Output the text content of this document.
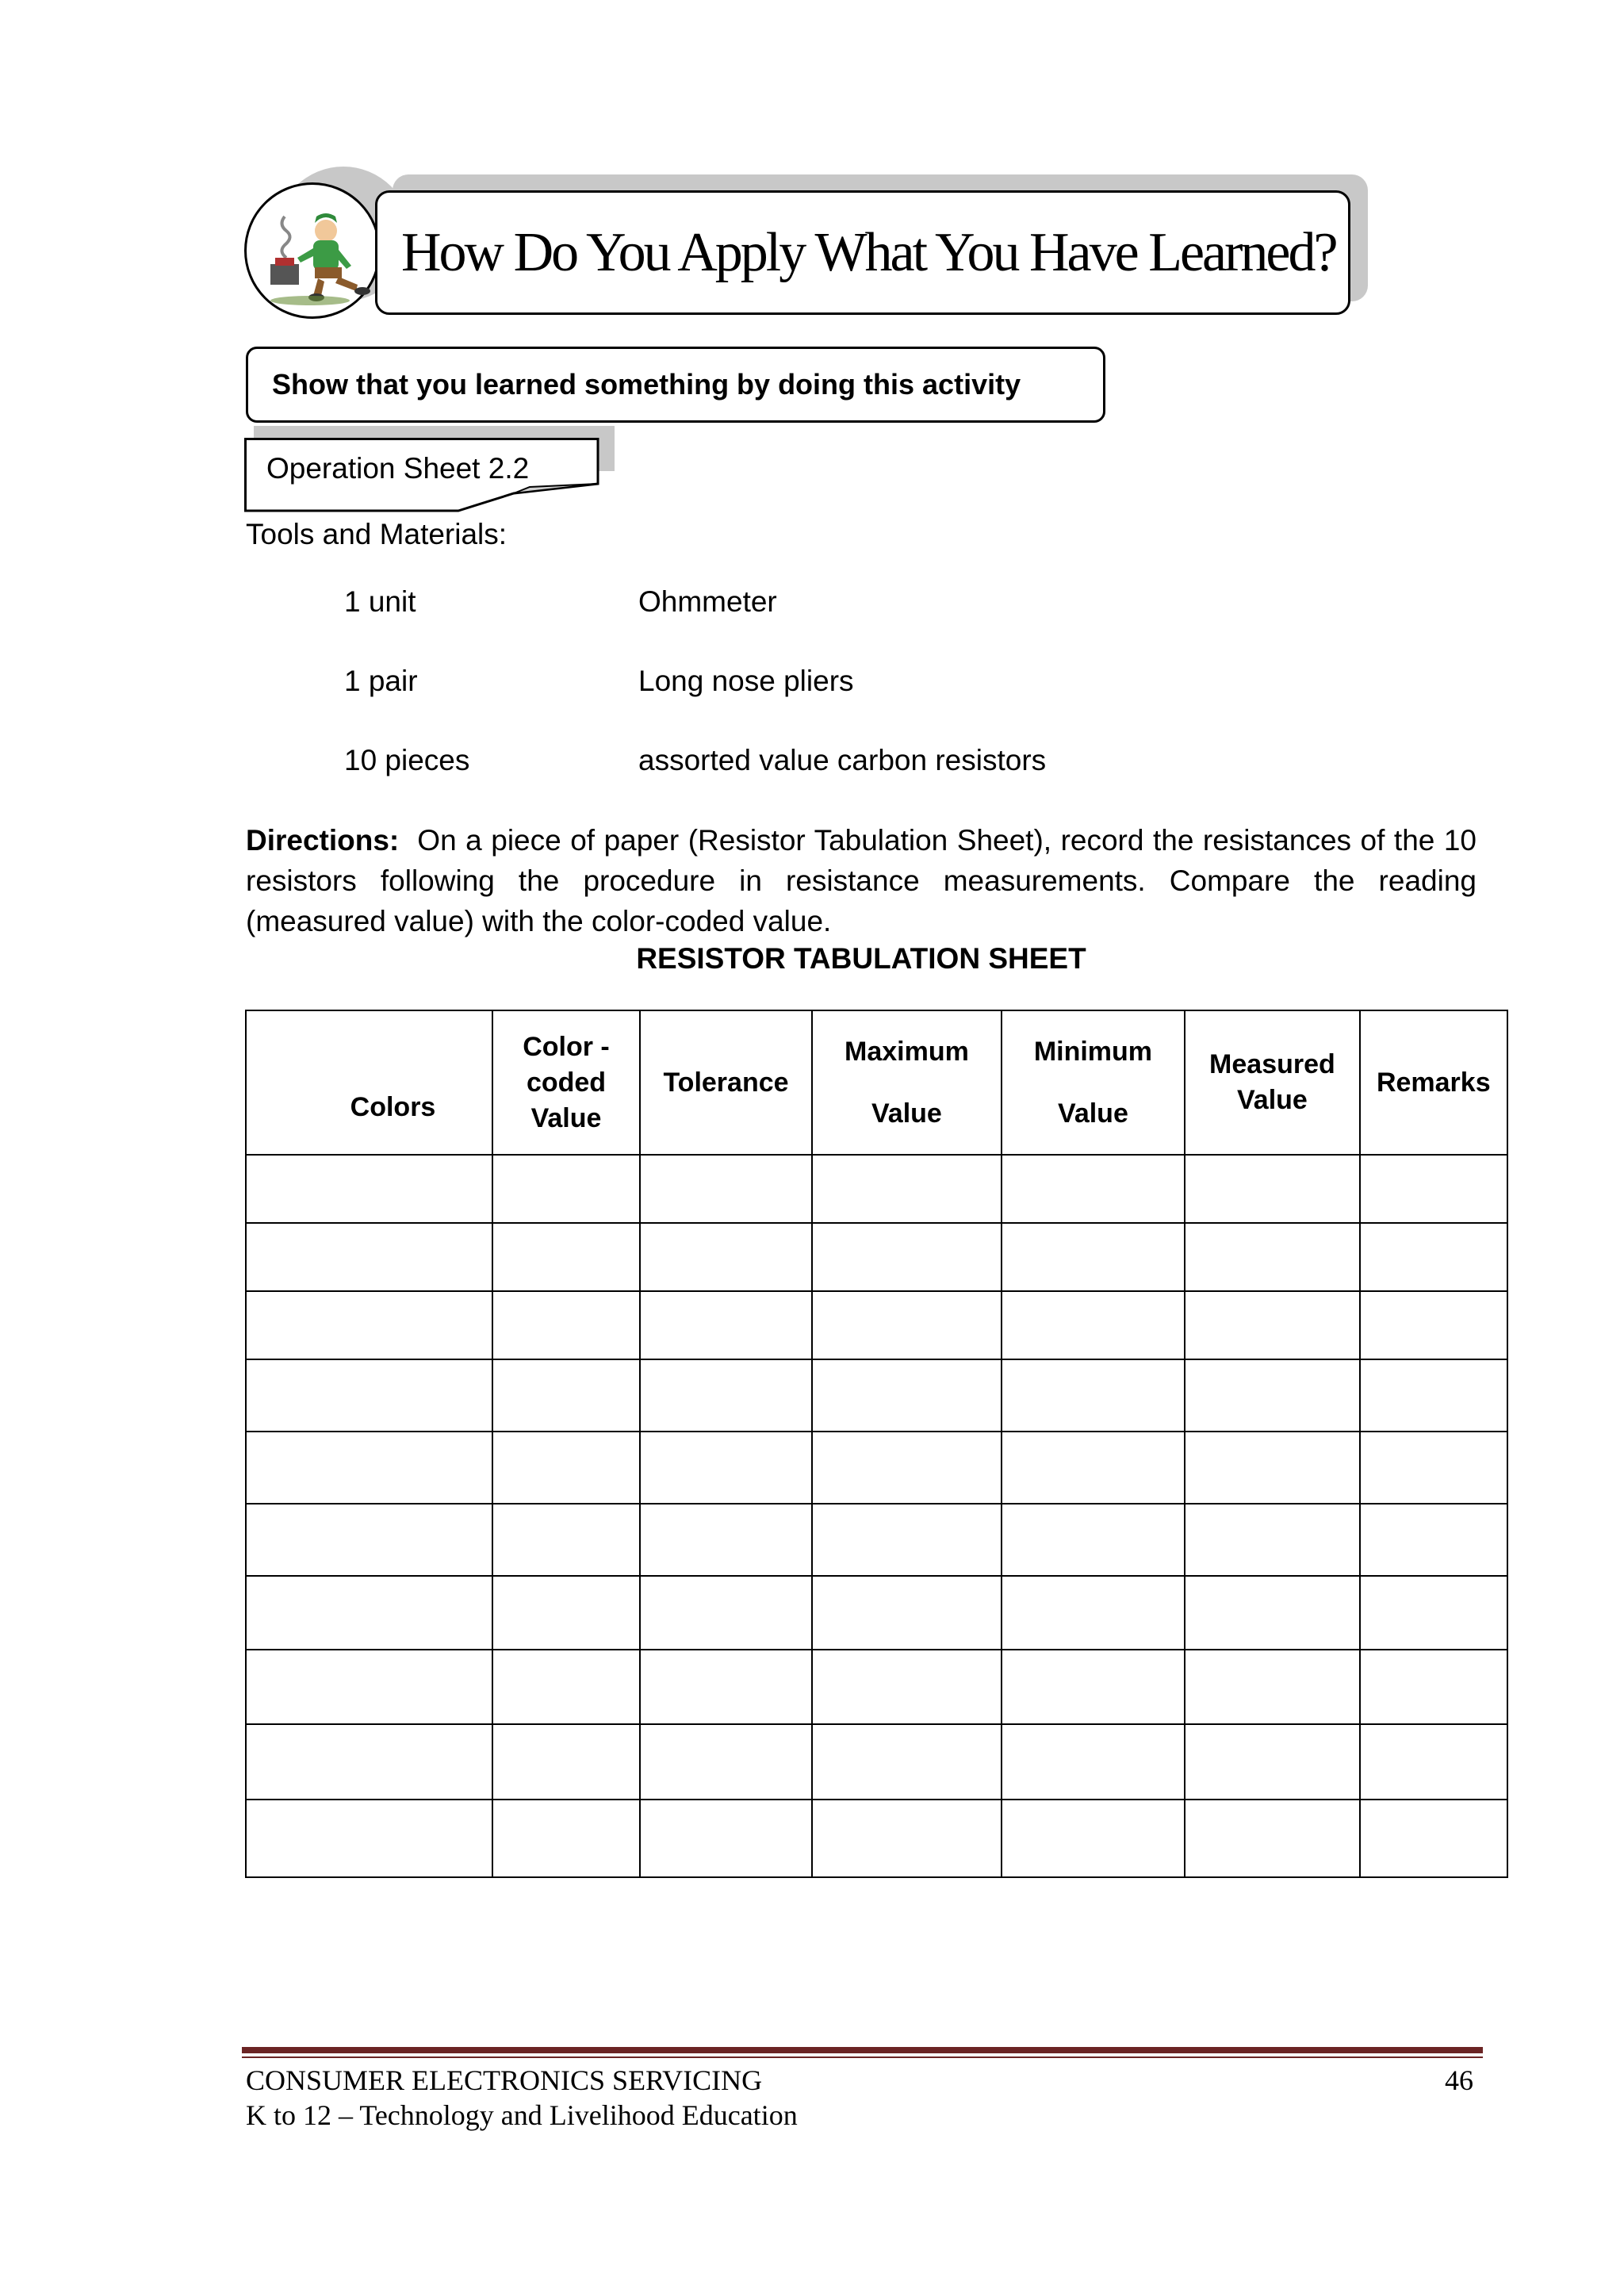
How Do You Apply What You Have Learned?
Show that you learned something by doing this activity
Operation Sheet 2.2
Tools and Materials:
1 unit	Ohmmeter
1 pair	Long nose pliers
10 pieces	assorted value carbon resistors
Directions: On a piece of paper (Resistor Tabulation Sheet), record the resistances of the 10 resistors following the procedure in resistance measurements. Compare the reading (measured value) with the color-coded value.
RESISTOR TABULATION SHEET
Colors	Color - coded Value	Tolerance	Maximum Value	Minimum Value	Measured Value	Remarks

CONSUMER ELECTRONICS SERVICING	46
K to 12 – Technology and Livelihood Education
